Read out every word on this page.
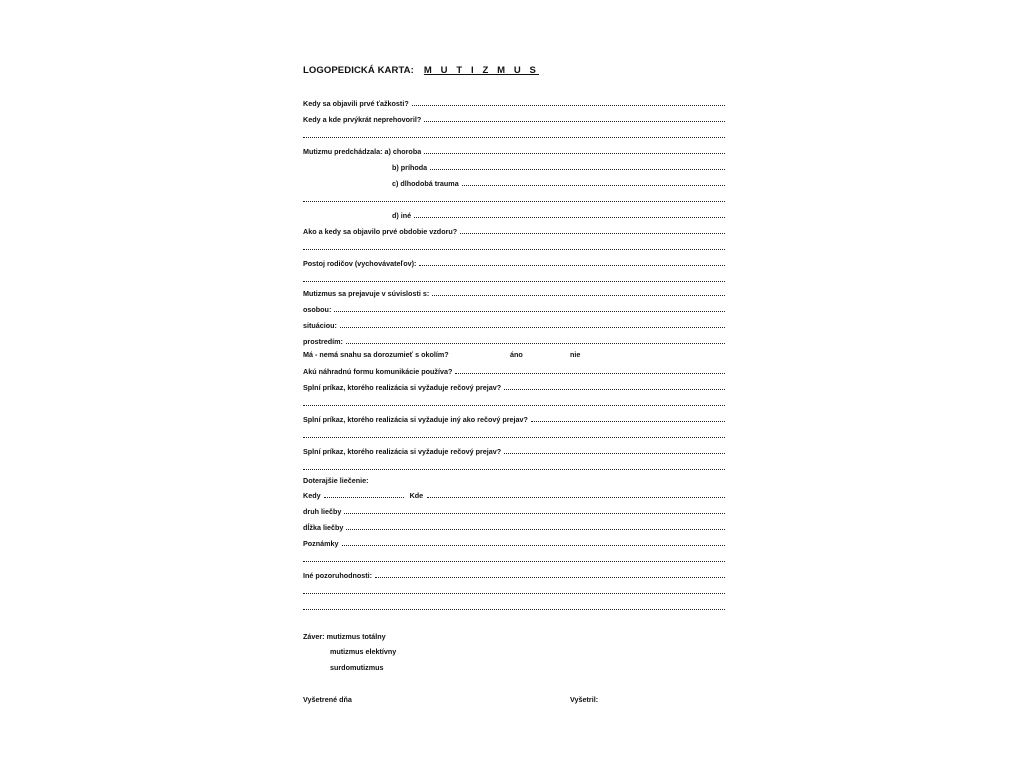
LOGOPEDICKÁ KARTA: M U T I Z M U S
Kedy sa objavili prvé ťažkosti?
Kedy a kde prvýkrát neprehovoril?
Mutizmu predchádzala: a) choroba
b) príhoda
c) dlhodobá trauma
d) iné
Ako a kedy sa objavilo prvé obdobie vzdoru?
Postoj rodičov (vychovávateľov):
Mutizmus sa prejavuje v súvislosti s:
osobou:
situáciou:
prostredím:
Má - nemá snahu sa dorozumieť s okolím?	áno	nie
Akú náhradnú formu komunikácie používa?
Splní príkaz, ktorého realizácia si vyžaduje rečový prejav?
Splní príkaz, ktorého realizácia si vyžaduje iný ako rečový prejav?
Splní príkaz, ktorého realizácia si vyžaduje rečový prejav?
Doterajšie liečenie:
Kedy	Kde
druh liečby
dĺžka liečby
Poznámky
Iné pozoruhodnosti:
Záver: mutizmus totálny
mutizmus elektívny
surdomutizmus
Vyšetrené dňa	Vyšetril:
